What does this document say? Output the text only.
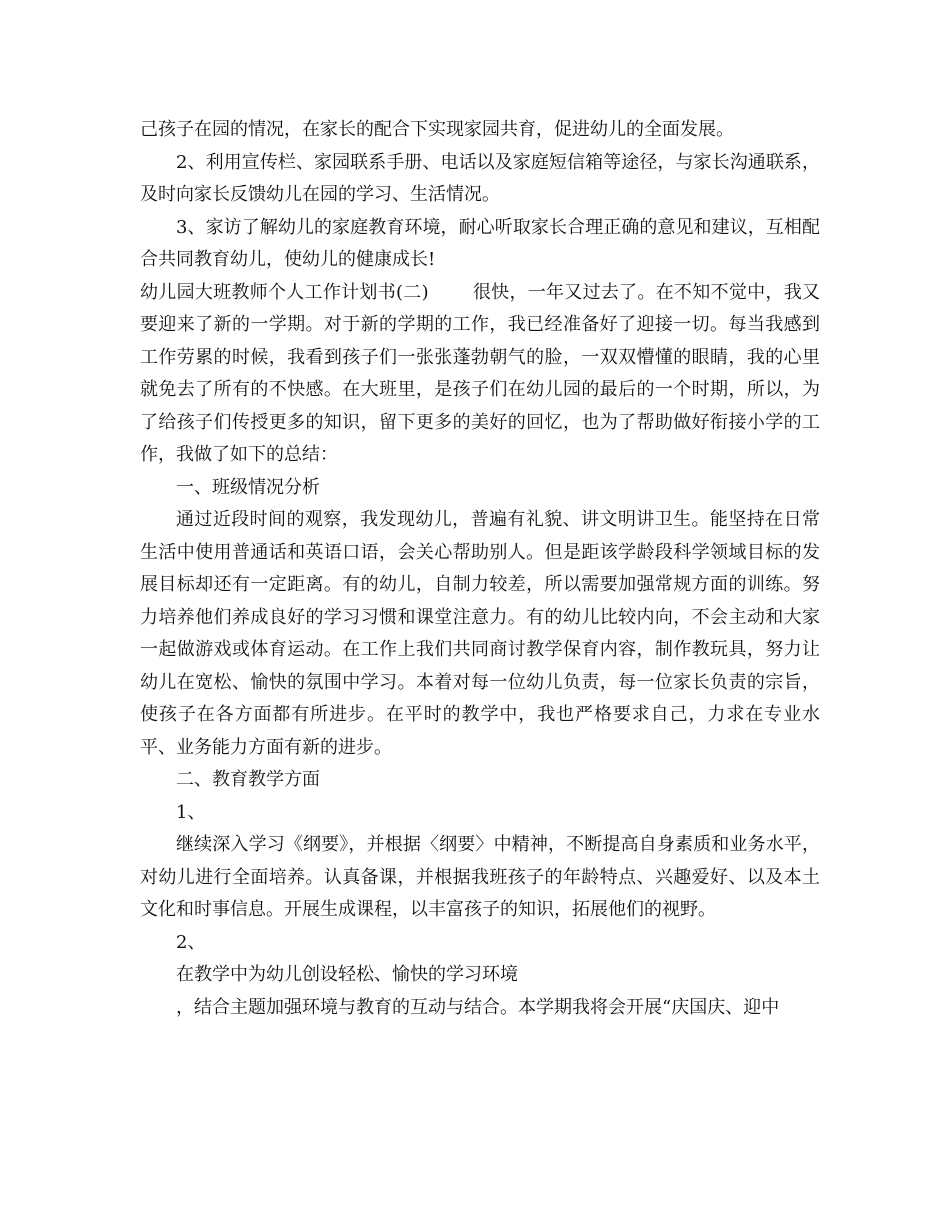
己孩子在园的情况，在家长的配合下实现家园共育，促进幼儿的全面发展。

2、利用宣传栏、家园联系手册、电话以及家庭短信箱等途径，与家长沟通联系，及时向家长反馈幼儿在园的学习、生活情况。

3、家访了解幼儿的家庭教育环境，耐心听取家长合理正确的意见和建议，互相配合共同教育幼儿，使幼儿的健康成长!

幼儿园大班教师个人工作计划书(二) 很快，一年又过去了。在不知不觉中，我又要迎来了新的一学期。对于新的学期的工作，我已经准备好了迎接一切。每当我感到工作劳累的时候，我看到孩子们一张张蓬勃朝气的脸，一双双懵懂的眼睛，我的心里就免去了所有的不快感。在大班里，是孩子们在幼儿园的最后的一个时期，所以，为了给孩子们传授更多的知识，留下更多的美好的回忆，也为了帮助做好衔接小学的工作，我做了如下的总结：

一、班级情况分析

通过近段时间的观察，我发现幼儿，普遍有礼貌、讲文明讲卫生。能坚持在日常生活中使用普通话和英语口语，会关心帮助别人。但是距该学龄段科学领域目标的发展目标却还有一定距离。有的幼儿，自制力较差，所以需要加强常规方面的训练。努力培养他们养成良好的学习习惯和课堂注意力。有的幼儿比较内向，不会主动和大家一起做游戏或体育运动。在工作上我们共同商讨教学保育内容，制作教玩具，努力让幼儿在宽松、愉快的氛围中学习。本着对每一位幼儿负责，每一位家长负责的宗旨，使孩子在各方面都有所进步。在平时的教学中，我也严格要求自己，力求在专业水平、业务能力方面有新的进步。

二、教育教学方面

1、

继续深入学习《纲要》，并根据〈纲要〉中精神，不断提高自身素质和业务水平，对幼儿进行全面培养。认真备课，并根据我班孩子的年龄特点、兴趣爱好、以及本土文化和时事信息。开展生成课程，以丰富孩子的知识，拓展他们的视野。

2、

在教学中为幼儿创设轻松、愉快的学习环境

，结合主题加强环境与教育的互动与结合。本学期我将会开展“庆国庆、迎中
